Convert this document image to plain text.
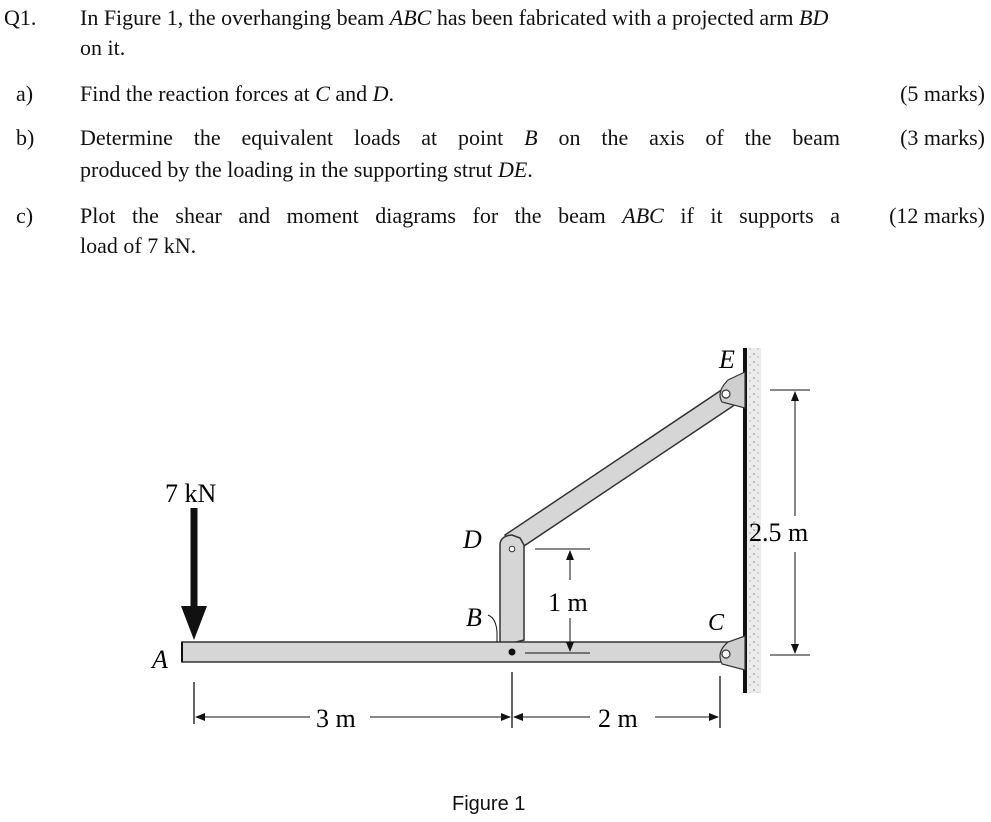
Q1. In Figure 1, the overhanging beam ABC has been fabricated with a projected arm BD
on it.
a) Find the reaction forces at C and D.	(5 marks)
b) Determine the equivalent loads at point B on the axis of the beam
produced by the loading in the supporting strut DE.
(3 marks)
c) Plot the shear and moment diagrams for the beam ABC if it supports a
load of 7 kN.
(12 marks)
7 kN
A
B	C
D
E
2.5 m
1 m
3 m	2 m
Figure 1
